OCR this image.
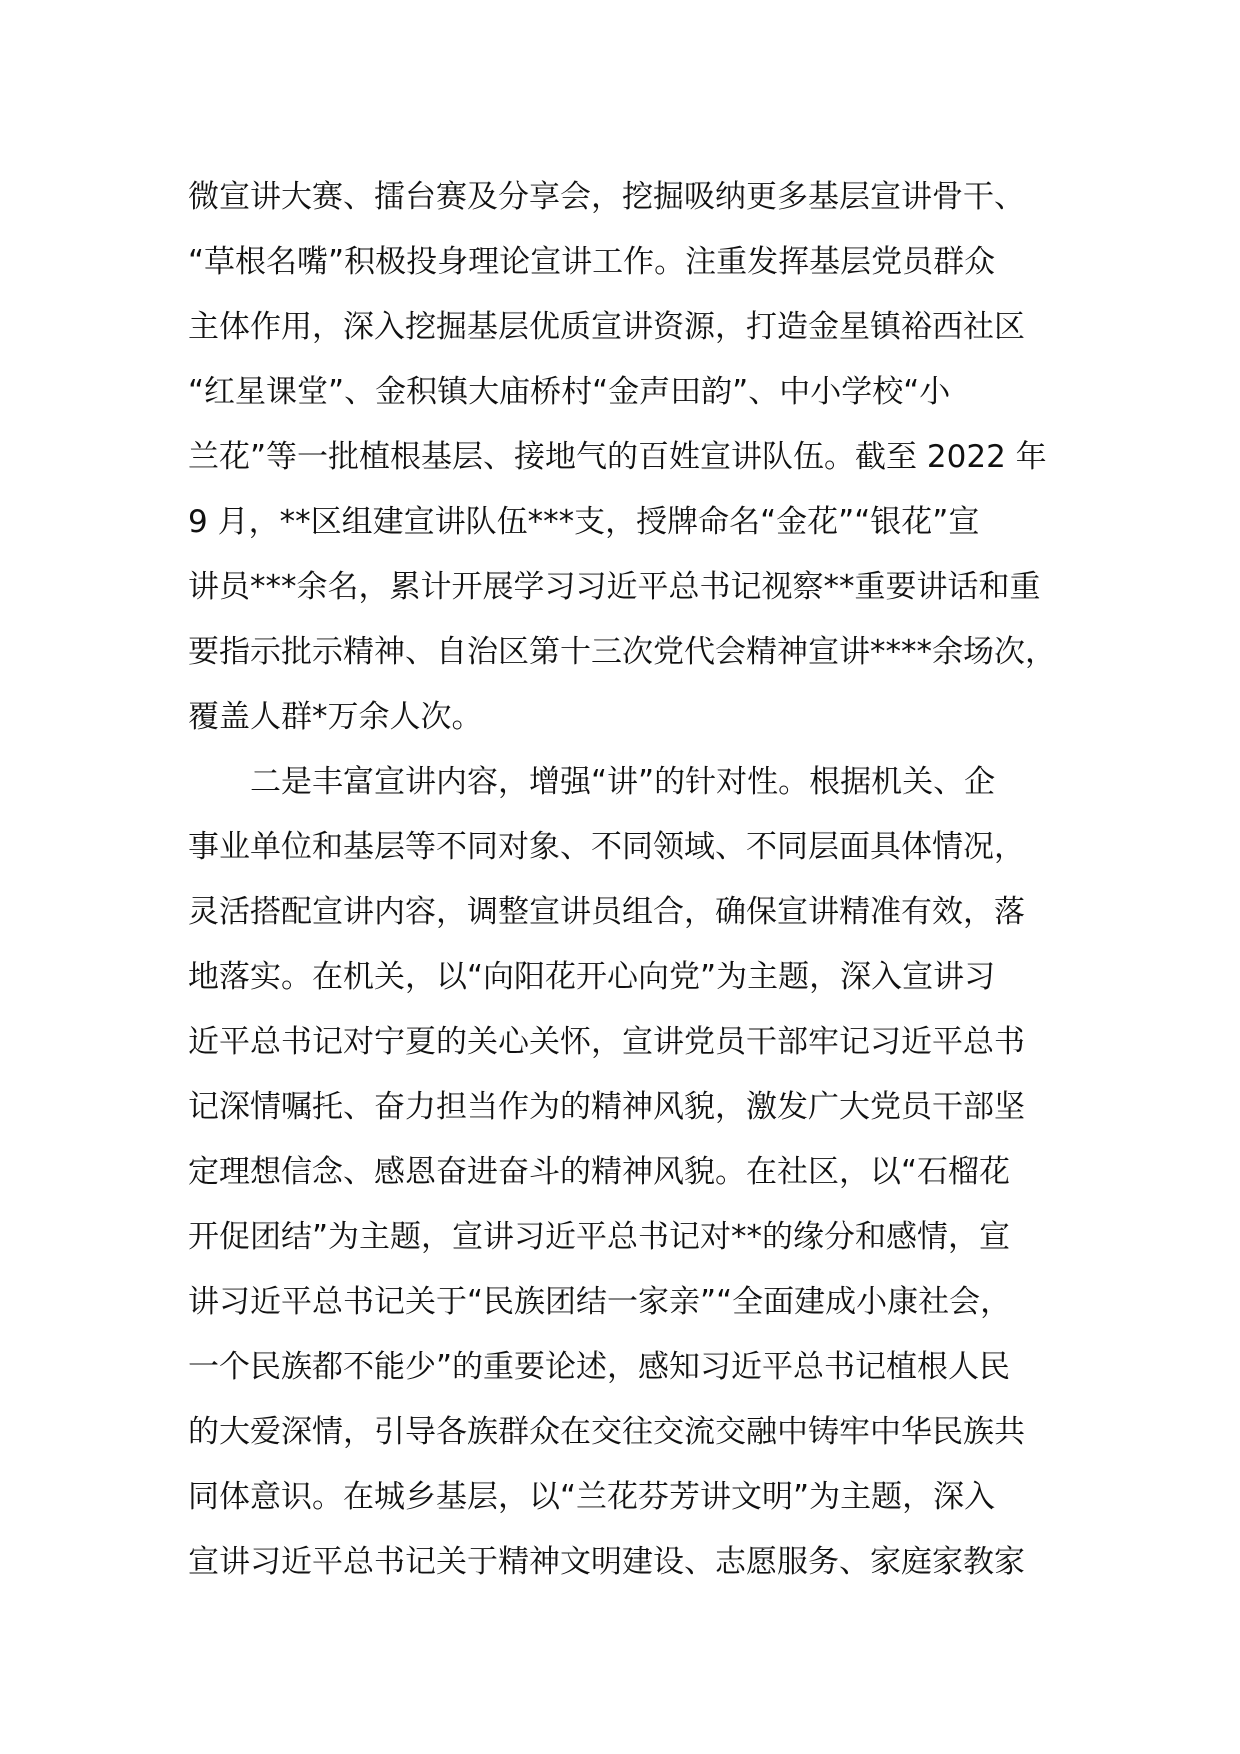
微宣讲大赛、擂台赛及分享会，挖掘吸纳更多基层宣讲骨干、
“草根名嘴”积极投身理论宣讲工作。注重发挥基层党员群众
主体作用，深入挖掘基层优质宣讲资源，打造金星镇裕西社区
“红星课堂”、金积镇大庙桥村“金声田韵”、中小学校“小
兰花”等一批植根基层、接地气的百姓宣讲队伍。截至 2022 年
9 月，**区组建宣讲队伍***支，授牌命名“金花”“银花”宣
讲员***余名，累计开展学习习近平总书记视察**重要讲话和重
要指示批示精神、自治区第十三次党代会精神宣讲****余场次，
覆盖人群*万余人次。
　　二是丰富宣讲内容，增强“讲”的针对性。根据机关、企
事业单位和基层等不同对象、不同领域、不同层面具体情况，
灵活搭配宣讲内容，调整宣讲员组合，确保宣讲精准有效，落
地落实。在机关，以“向阳花开心向党”为主题，深入宣讲习
近平总书记对宁夏的关心关怀，宣讲党员干部牢记习近平总书
记深情嘱托、奋力担当作为的精神风貌，激发广大党员干部坚
定理想信念、感恩奋进奋斗的精神风貌。在社区，以“石榴花
开促团结”为主题，宣讲习近平总书记对**的缘分和感情，宣
讲习近平总书记关于“民族团结一家亲”“全面建成小康社会，
一个民族都不能少”的重要论述，感知习近平总书记植根人民
的大爱深情，引导各族群众在交往交流交融中铸牢中华民族共
同体意识。在城乡基层，以“兰花芬芳讲文明”为主题，深入
宣讲习近平总书记关于精神文明建设、志愿服务、家庭家教家
